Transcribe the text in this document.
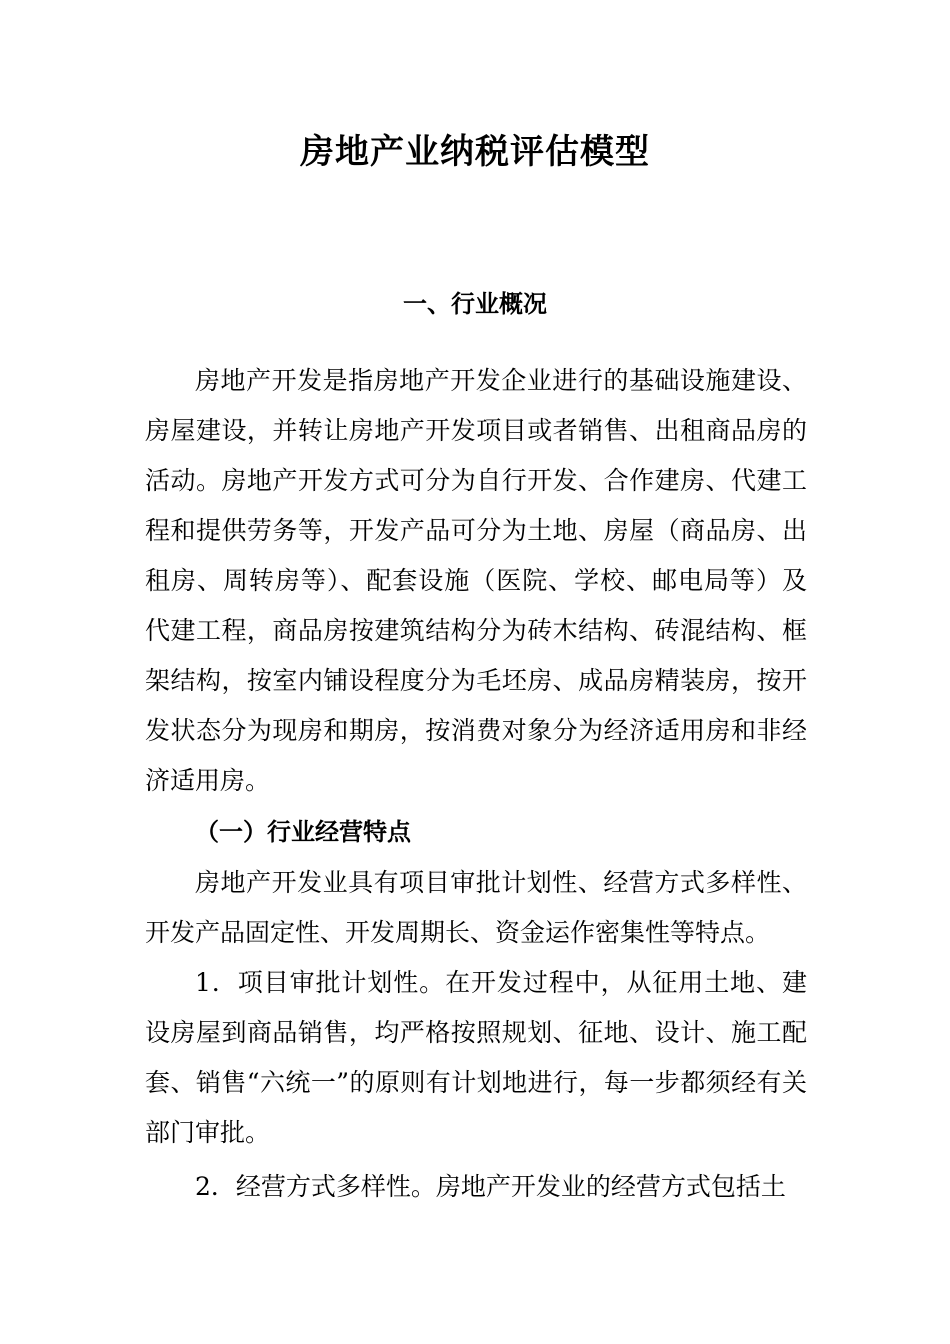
房地产业纳税评估模型
一、行业概况

房地产开发是指房地产开发企业进行的基础设施建设、房屋建设，并转让房地产开发项目或者销售、出租商品房的活动。房地产开发方式可分为自行开发、合作建房、代建工程和提供劳务等，开发产品可分为土地、房屋（商品房、出租房、周转房等）、配套设施（医院、学校、邮电局等）及代建工程，商品房按建筑结构分为砖木结构、砖混结构、框架结构，按室内铺设程度分为毛坯房、成品房精装房，按开发状态分为现房和期房，按消费对象分为经济适用房和非经济适用房。

（一）行业经营特点

房地产开发业具有项目审批计划性、经营方式多样性、开发产品固定性、开发周期长、资金运作密集性等特点。

1．项目审批计划性。在开发过程中，从征用土地、建设房屋到商品销售，均严格按照规划、征地、设计、施工配套、销售“六统一”的原则有计划地进行，每一步都须经有关部门审批。

2．经营方式多样性。房地产开发业的经营方式包括土
